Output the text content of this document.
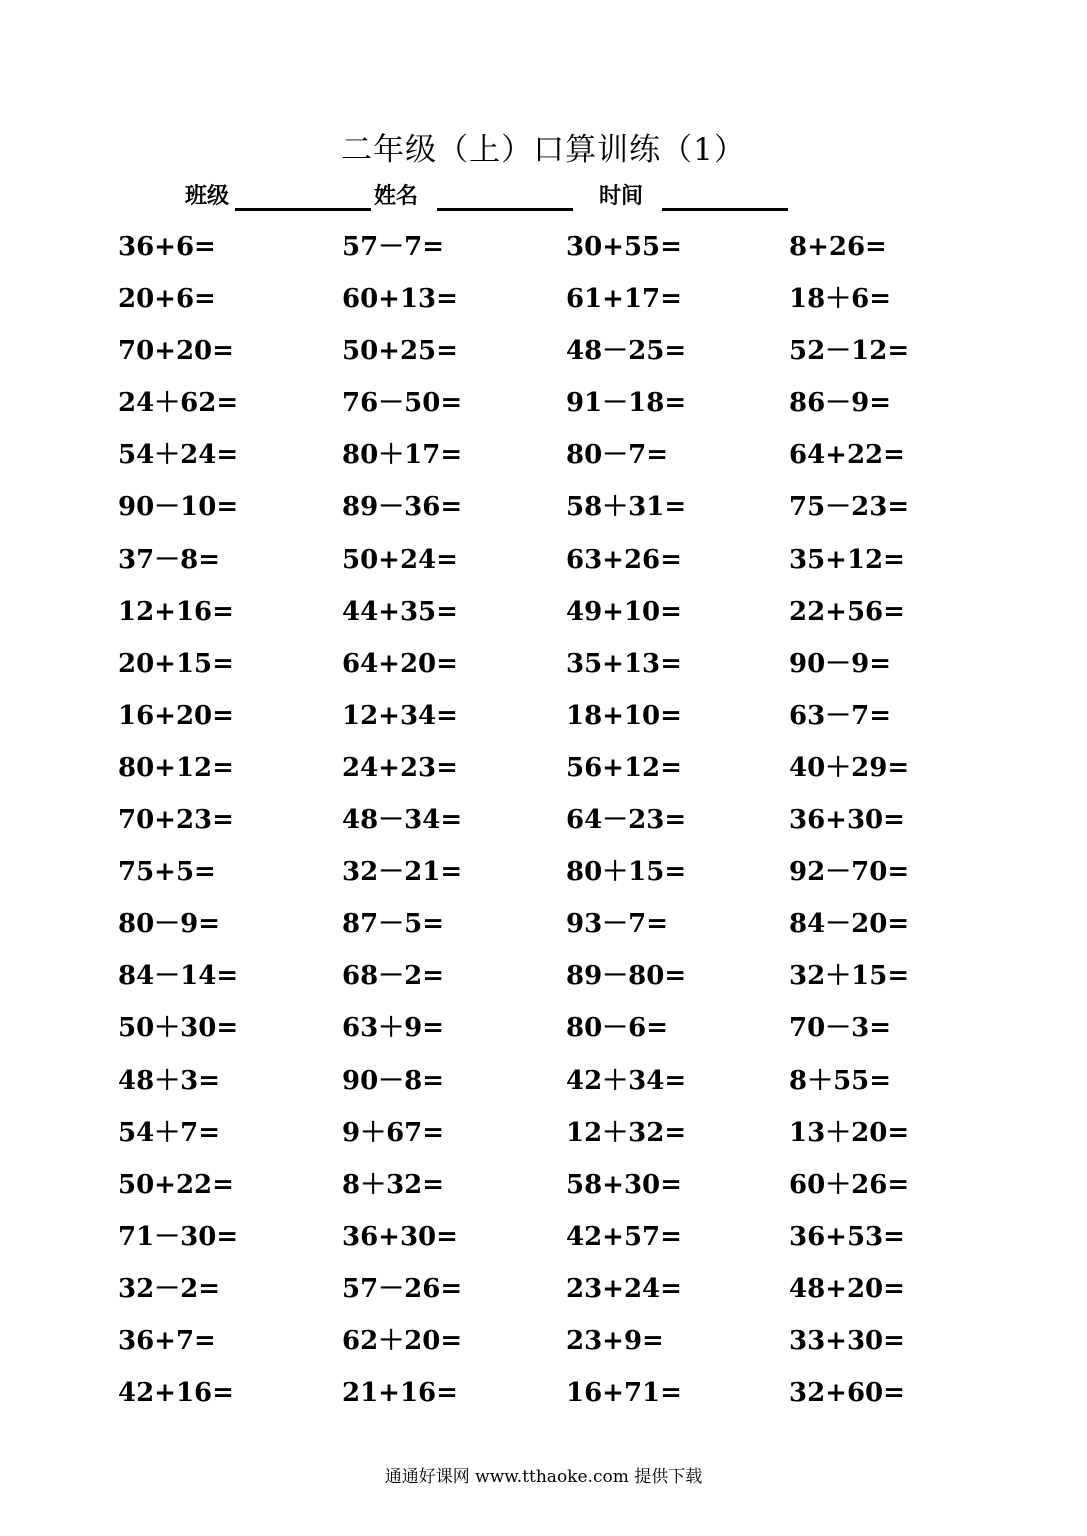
二年级（上）口算训练（1）
班级	姓名	时间
36+6=	57－7=	30+55=	8+26=
20+6=	60+13=	61+17=	18＋6=
70+20=	50+25=	48－25=	52－12=
24＋62=	76－50=	91－18=	86－9=
54＋24=	80＋17=	80－7=	64+22=
90－10=	89－36=	58＋31=	75－23=
37－8=	50+24=	63+26=	35+12=
12+16=	44+35=	49+10=	22+56=
20+15=	64+20=	35+13=	90－9=
16+20=	12+34=	18+10=	63－7=
80+12=	24+23=	56+12=	40＋29=
70+23=	48－34=	64－23=	36+30=
75+5=	32－21=	80＋15=	92－70=
80－9=	87－5=	93－7=	84－20=
84－14=	68－2=	89－80=	32＋15=
50＋30=	63＋9=	80－6=	70－3=
48＋3=	90－8=	42＋34=	8＋55=
54＋7=	9＋67=	12＋32=	13＋20=
50+22=	8＋32=	58+30=	60＋26=
71－30=	36+30=	42+57=	36+53=
32－2=	57－26=	23+24=	48+20=
36+7=	62＋20=	23+9=	33+30=
42+16=	21+16=	16+71=	32+60=
通通好课网 www.tthaoke.com 提供下载
